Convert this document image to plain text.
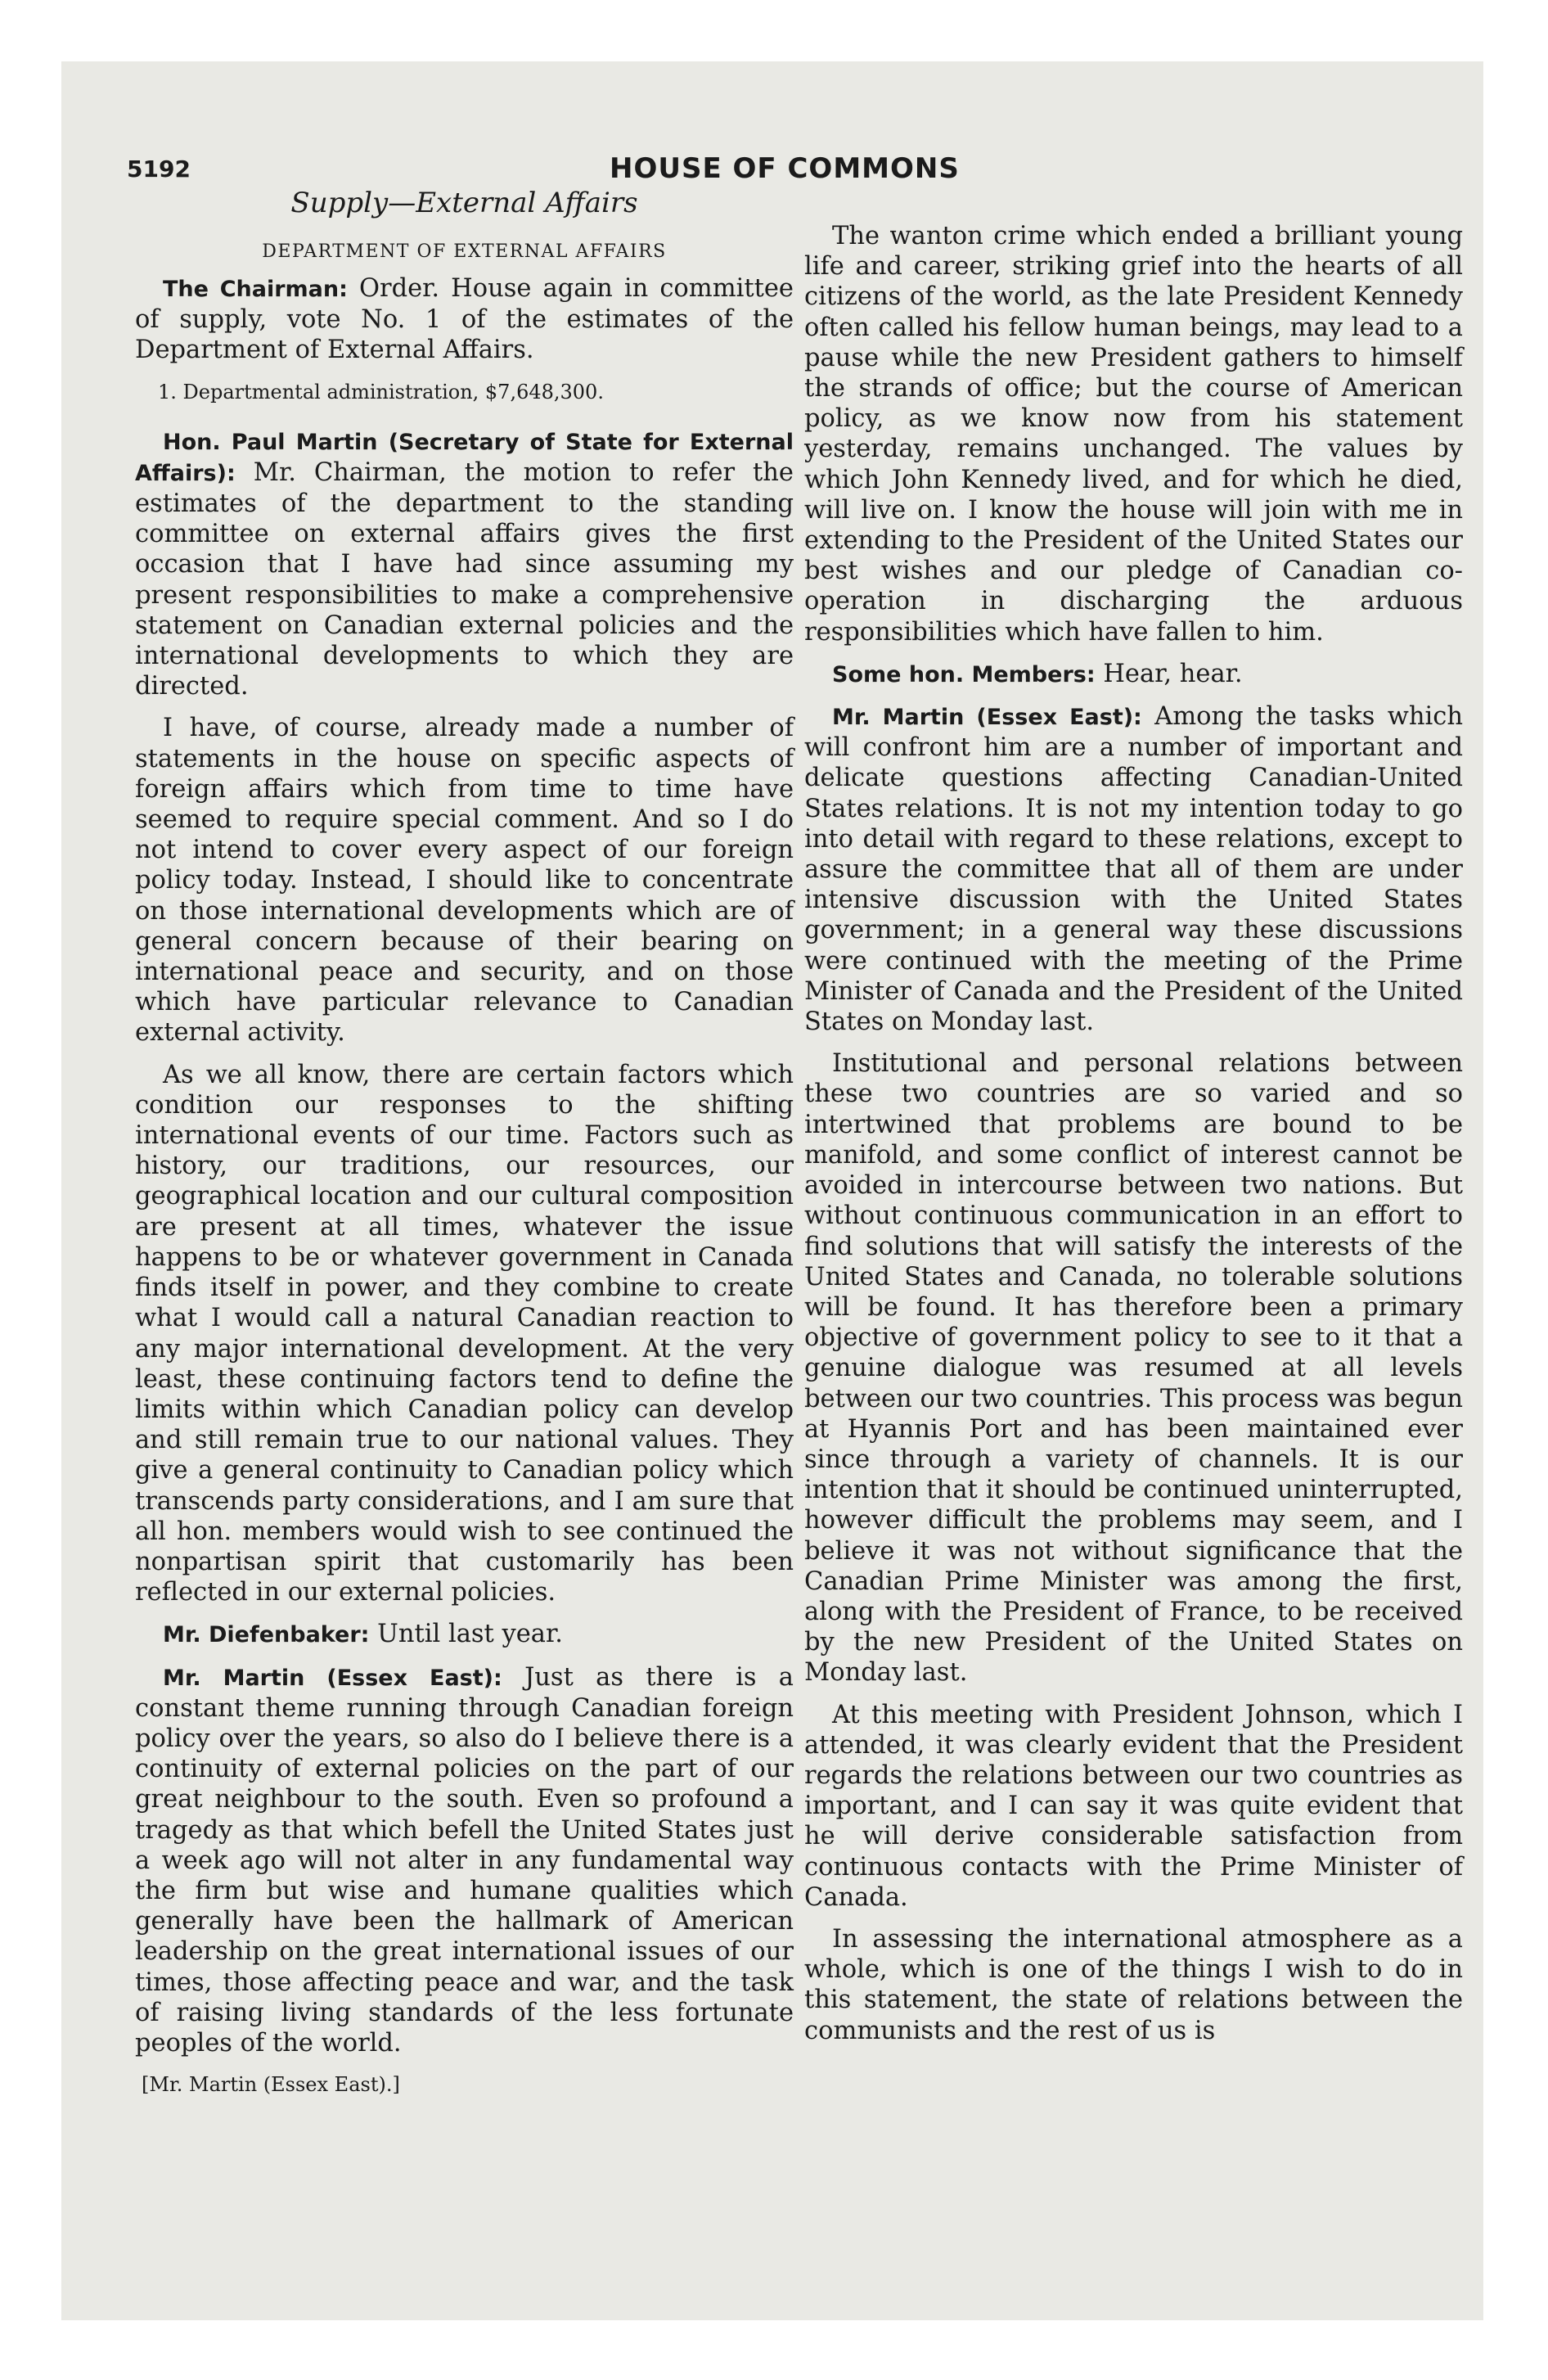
5192	HOUSE OF COMMONS
Supply—External Affairs
DEPARTMENT OF EXTERNAL AFFAIRS

The Chairman: Order. House again in committee of supply, vote No. 1 of the estimates of the Department of External Affairs.

1. Departmental administration, $7,648,300.

Hon. Paul Martin (Secretary of State for External Affairs): Mr. Chairman, the motion to refer the estimates of the department to the standing committee on external affairs gives the first occasion that I have had since assuming my present responsibilities to make a comprehensive statement on Canadian external policies and the international developments to which they are directed.

I have, of course, already made a number of statements in the house on specific aspects of foreign affairs which from time to time have seemed to require special comment. And so I do not intend to cover every aspect of our foreign policy today. Instead, I should like to concentrate on those international developments which are of general concern because of their bearing on international peace and security, and on those which have particular relevance to Canadian external activity.

As we all know, there are certain factors which condition our responses to the shifting international events of our time. Factors such as history, our traditions, our resources, our geographical location and our cultural composition are present at all times, whatever the issue happens to be or whatever government in Canada finds itself in power, and they combine to create what I would call a natural Canadian reaction to any major international development. At the very least, these continuing factors tend to define the limits within which Canadian policy can develop and still remain true to our national values. They give a general continuity to Canadian policy which transcends party considerations, and I am sure that all hon. members would wish to see continued the nonpartisan spirit that customarily has been reflected in our external policies.

Mr. Diefenbaker: Until last year.

Mr. Martin (Essex East): Just as there is a constant theme running through Canadian foreign policy over the years, so also do I believe there is a continuity of external policies on the part of our great neighbour to the south. Even so profound a tragedy as that which befell the United States just a week ago will not alter in any fundamental way the firm but wise and humane qualities which generally have been the hallmark of American leadership on the great international issues of our times, those affecting peace and war, and the task of raising living standards of the less fortunate peoples of the world.

[Mr. Martin (Essex East).]

The wanton crime which ended a brilliant young life and career, striking grief into the hearts of all citizens of the world, as the late President Kennedy often called his fellow human beings, may lead to a pause while the new President gathers to himself the strands of office; but the course of American policy, as we know now from his statement yesterday, remains unchanged. The values by which John Kennedy lived, and for which he died, will live on. I know the house will join with me in extending to the President of the United States our best wishes and our pledge of Canadian co-operation in discharging the arduous responsibilities which have fallen to him.

Some hon. Members: Hear, hear.

Mr. Martin (Essex East): Among the tasks which will confront him are a number of important and delicate questions affecting Canadian-United States relations. It is not my intention today to go into detail with regard to these relations, except to assure the committee that all of them are under intensive discussion with the United States government; in a general way these discussions were continued with the meeting of the Prime Minister of Canada and the President of the United States on Monday last.

Institutional and personal relations between these two countries are so varied and so intertwined that problems are bound to be manifold, and some conflict of interest cannot be avoided in intercourse between two nations. But without continuous communication in an effort to find solutions that will satisfy the interests of the United States and Canada, no tolerable solutions will be found. It has therefore been a primary objective of government policy to see to it that a genuine dialogue was resumed at all levels between our two countries. This process was begun at Hyannis Port and has been maintained ever since through a variety of channels. It is our intention that it should be continued uninterrupted, however difficult the problems may seem, and I believe it was not without significance that the Canadian Prime Minister was among the first, along with the President of France, to be received by the new President of the United States on Monday last.

At this meeting with President Johnson, which I attended, it was clearly evident that the President regards the relations between our two countries as important, and I can say it was quite evident that he will derive considerable satisfaction from continuous contacts with the Prime Minister of Canada.

In assessing the international atmosphere as a whole, which is one of the things I wish to do in this statement, the state of relations between the communists and the rest of us is
